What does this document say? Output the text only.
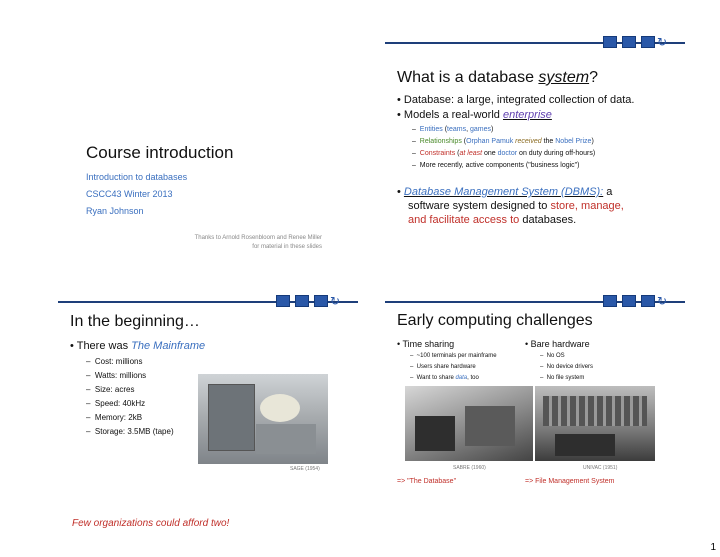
Course introduction
Introduction to databases
CSCC43 Winter 2013
Ryan Johnson
Thanks to Arnold Rosenbloom and Renee Miller
for material in these slides
↻
What is a database system?
• Database: a large, integrated collection of data.
• Models a real-world enterprise
–  Entities (teams, games)
–  Relationships (Orphan Pamuk received the Nobel Prize)
–  Constraints (at least one doctor on duty during off-hours)
–  More recently, active components ("business logic")
• Database Management System (DBMS): a
software system designed to store, manage,
and facilitate access to databases.
↻
In the beginning…
• There was The Mainframe
–  Cost: millions
–  Watts: millions
–  Size: acres
–  Speed: 40kHz
–  Memory: 2kB
–  Storage: 3.5MB (tape)
SAGE (1954)
Few organizations could afford two!
↻
Early computing challenges
• Time sharing
–  ~100 terminals per mainframe
–  Users share hardware
–  Want to share data, too
• Bare hardware
–  No OS
–  No device drivers
–  No file system
SABRE (1960)	UNIVAC (1951)
=> "The Database"	=> File Management System
1
